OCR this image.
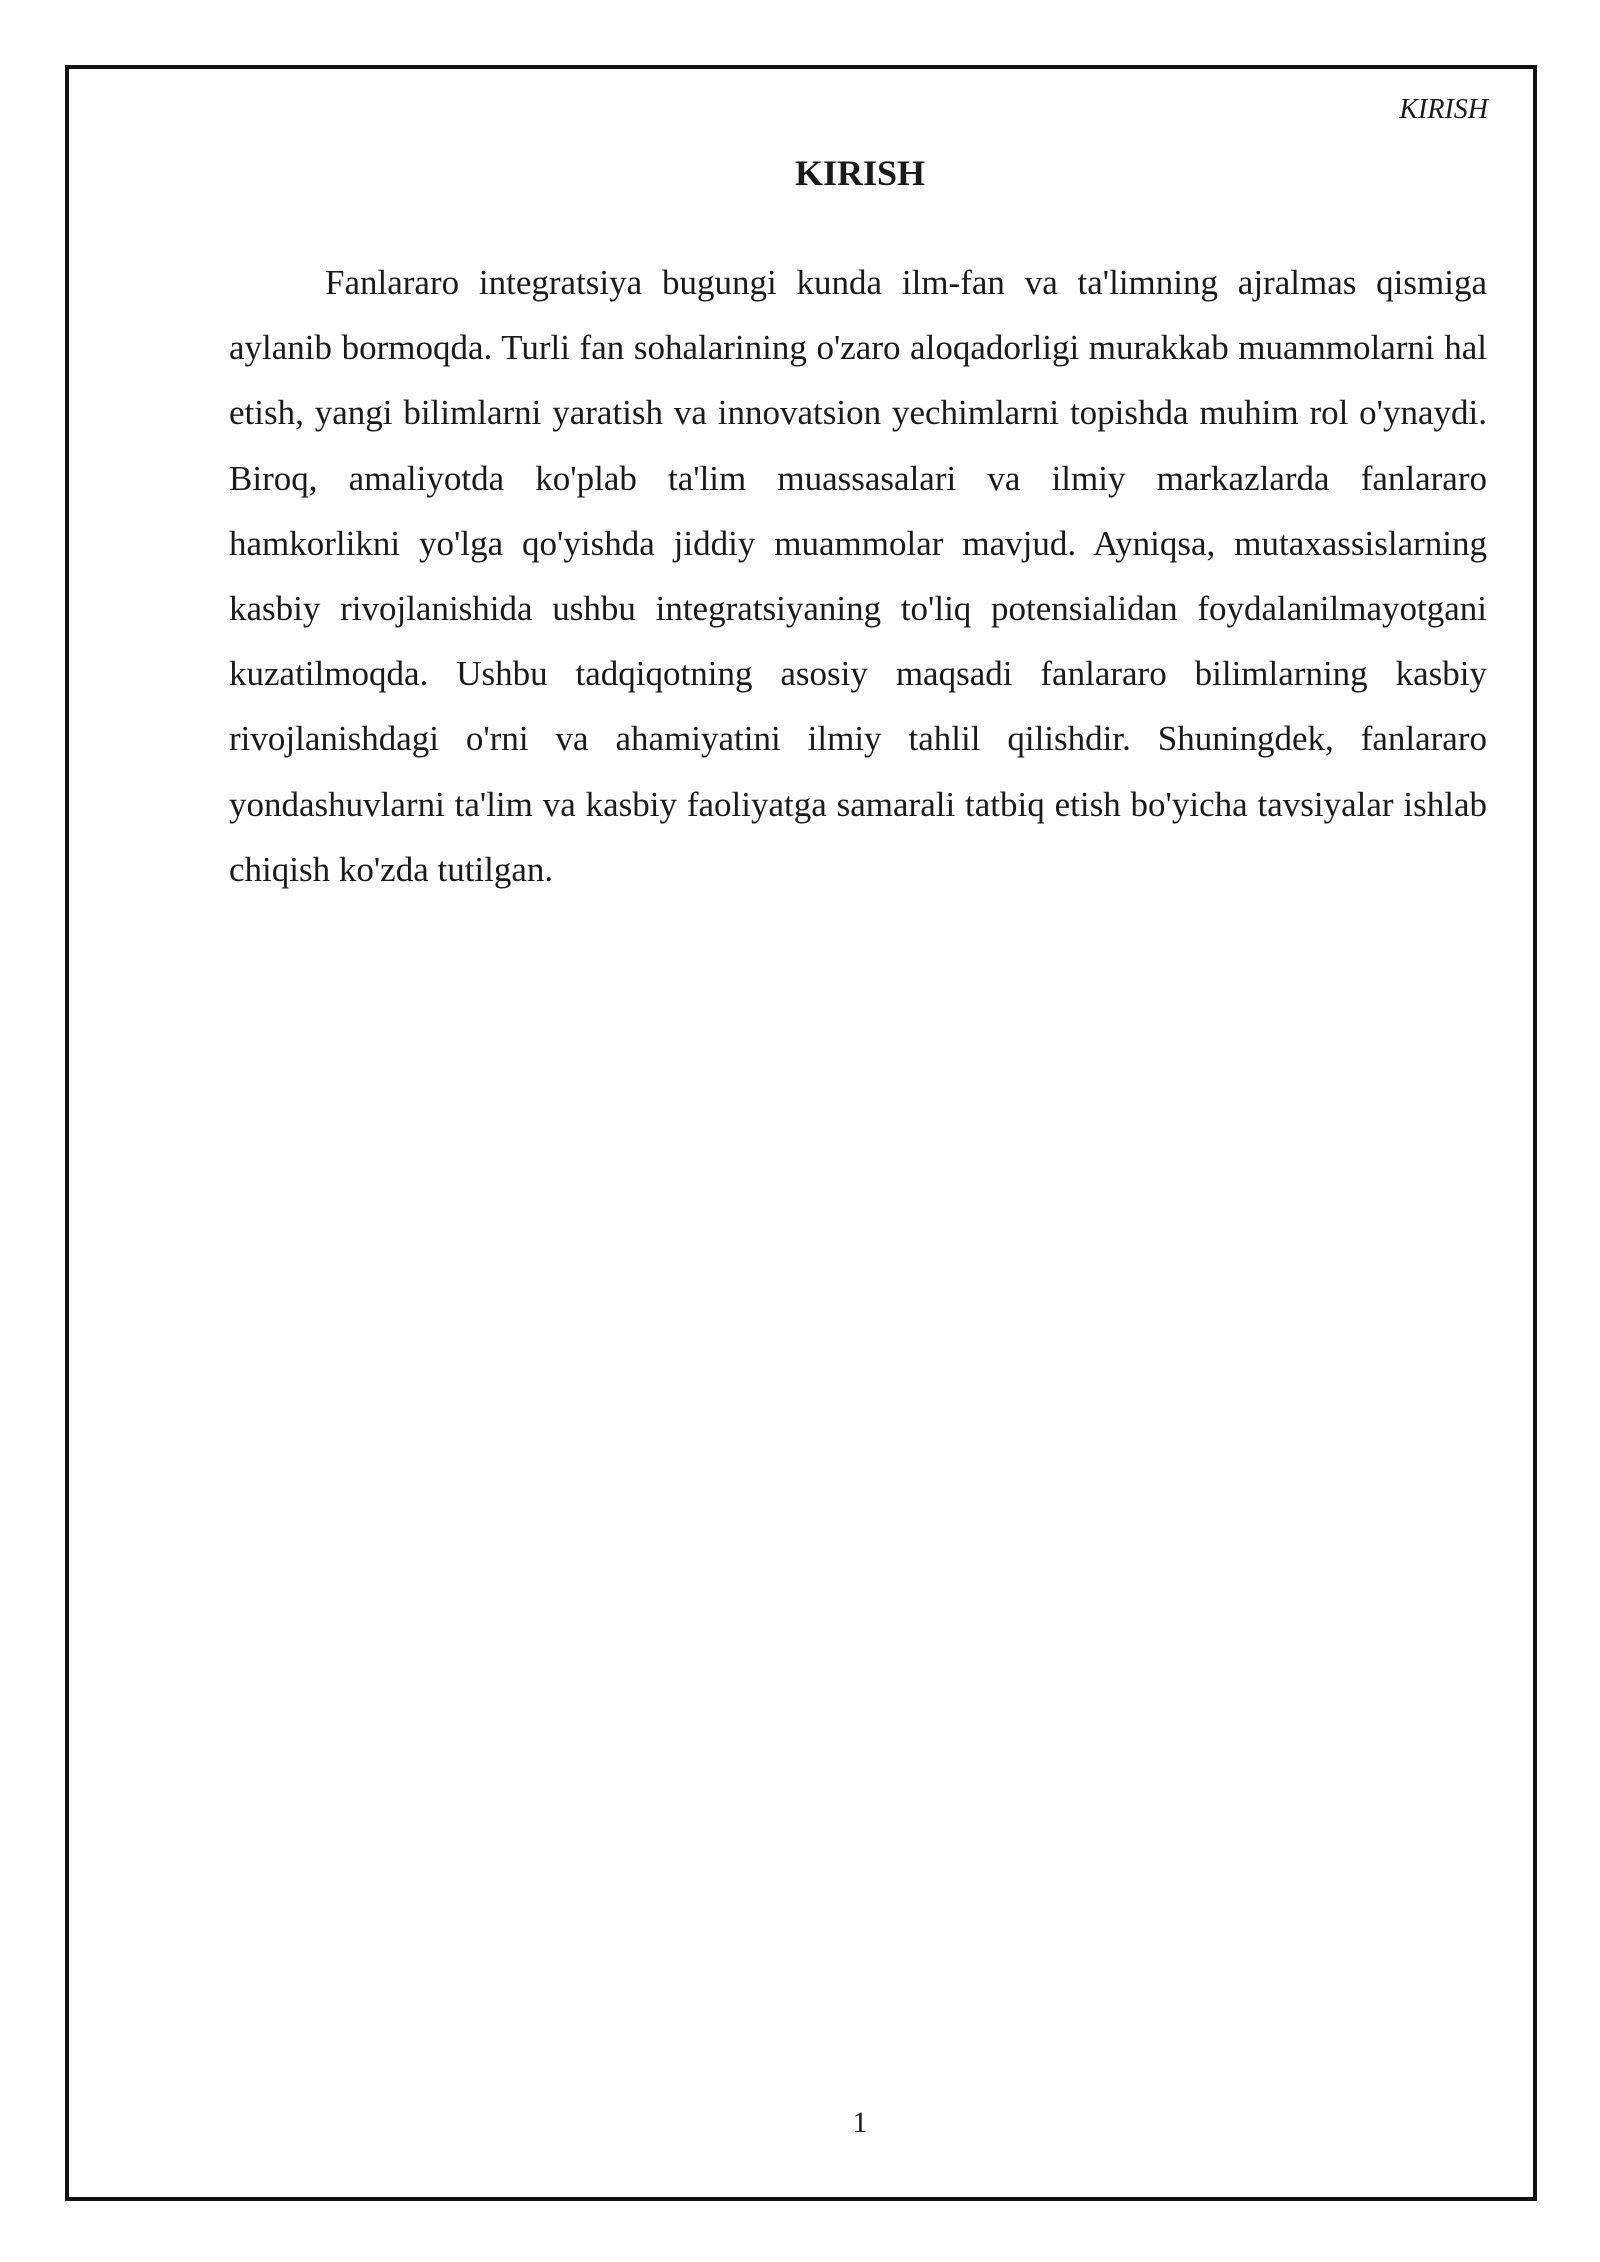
KIRISH
KIRISH

Fanlararo integratsiya bugungi kunda ilm-fan va ta'limning ajralmas qismiga aylanib bormoqda. Turli fan sohalarining o'zaro aloqadorligi murakkab muammolarni hal etish, yangi bilimlarni yaratish va innovatsion yechimlarni topishda muhim rol o'ynaydi. Biroq, amaliyotda ko'plab ta'lim muassasalari va ilmiy markazlarda fanlararo hamkorlikni yo'lga qo'yishda jiddiy muammolar mavjud. Ayniqsa, mutaxassislarning kasbiy rivojlanishida ushbu integratsiyaning to'liq potensialidan foydalanilmayotgani kuzatilmoqda. Ushbu tadqiqotning asosiy maqsadi fanlararo bilimlarning kasbiy rivojlanishdagi o'rni va ahamiyatini ilmiy tahlil qilishdir. Shuningdek, fanlararo yondashuvlarni ta'lim va kasbiy faoliyatga samarali tatbiq etish bo'yicha tavsiyalar ishlab chiqish ko'zda tutilgan.

1
